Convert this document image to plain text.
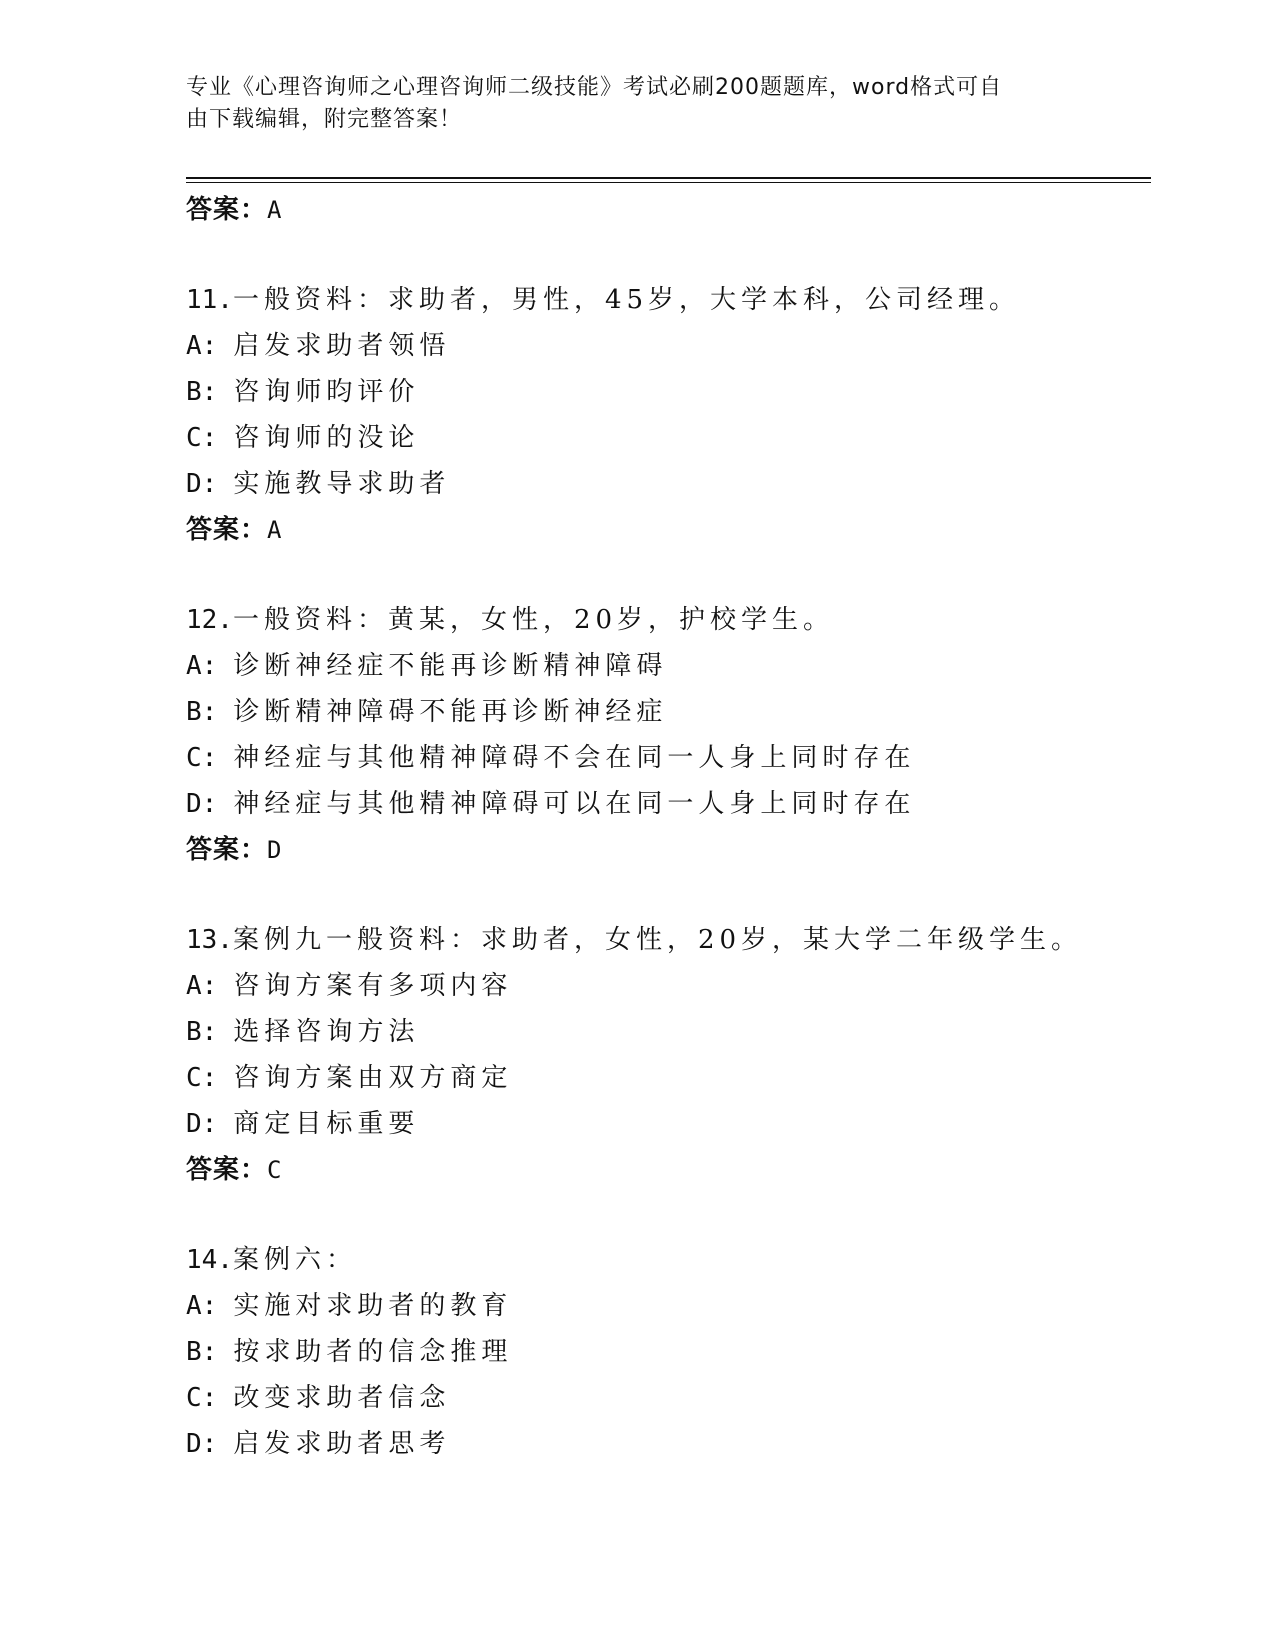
专业《心理咨询师之心理咨询师二级技能》考试必刷200题题库，word格式可自
由下载编辑，附完整答案！
答案：A
11.一般资料：求助者，男性，45岁，大学本科，公司经理。
A: 启发求助者领悟
B: 咨询师昀评价
C: 咨询师的没论
D: 实施教导求助者
答案：A
12.一般资料：黄某，女性，20岁，护校学生。
A: 诊断神经症不能再诊断精神障碍
B: 诊断精神障碍不能再诊断神经症
C: 神经症与其他精神障碍不会在同一人身上同时存在
D: 神经症与其他精神障碍可以在同一人身上同时存在
答案：D
13.案例九一般资料：求助者，女性，20岁，某大学二年级学生。
A: 咨询方案有多项内容
B: 选择咨询方法
C: 咨询方案由双方商定
D: 商定目标重要
答案：C
14.案例六：
A: 实施对求助者的教育
B: 按求助者的信念推理
C: 改变求助者信念
D: 启发求助者思考
